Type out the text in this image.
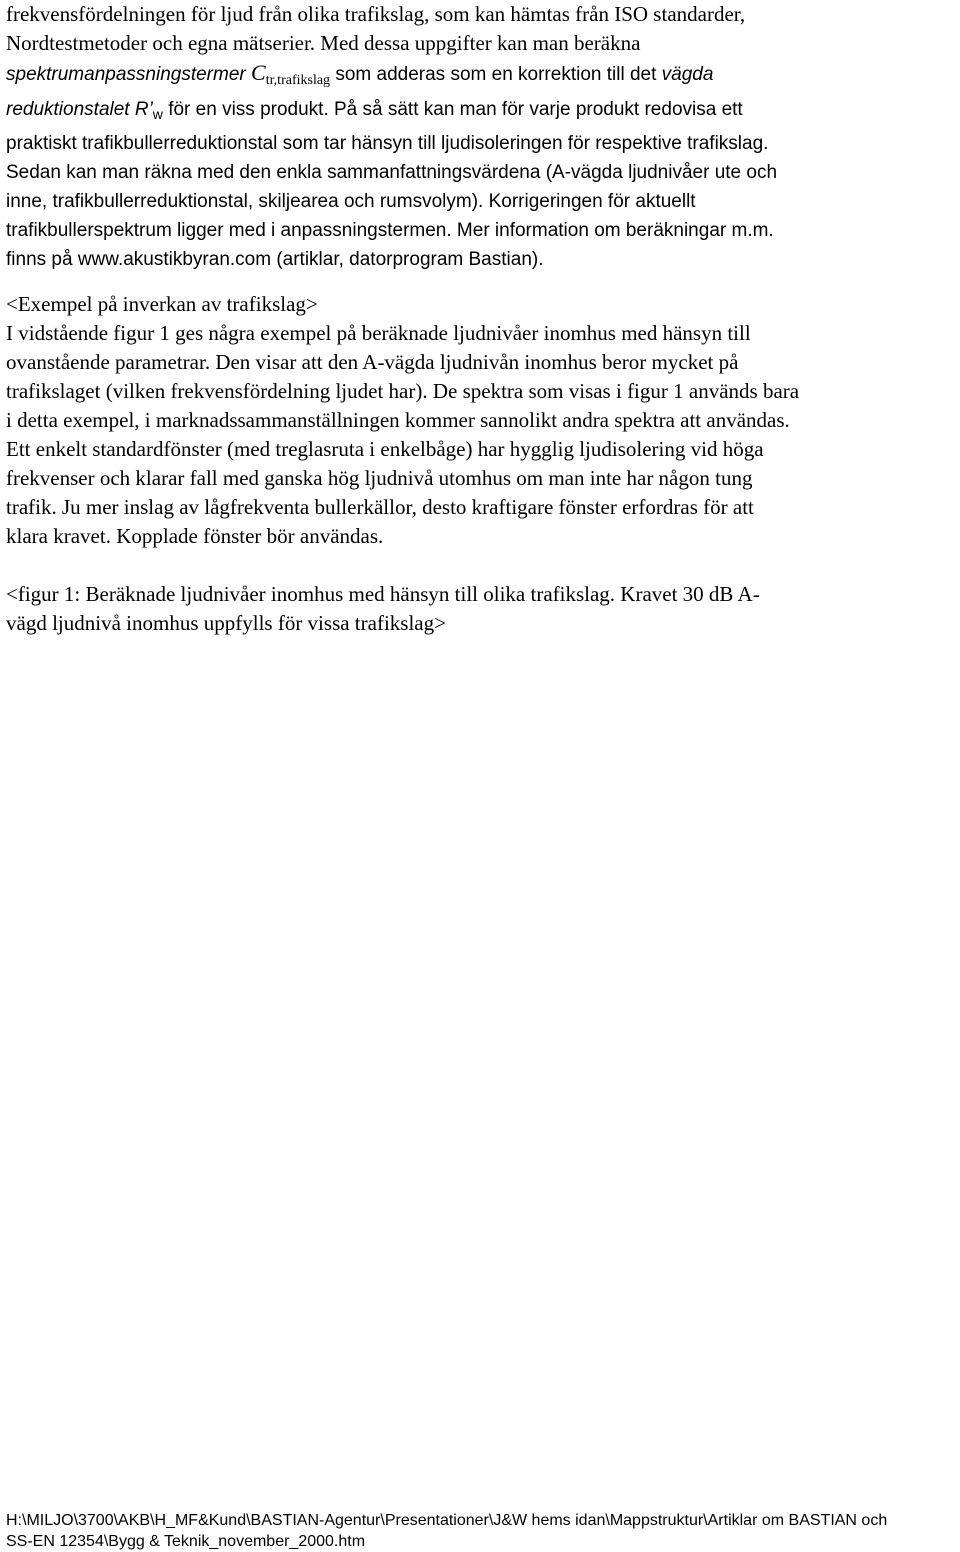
frekvensfördelningen för ljud från olika trafikslag, som kan hämtas från ISO standarder,
Nordtestmetoder och egna mätserier. Med dessa uppgifter kan man beräkna
spektrumanpassningstermer $C_{tr,trafikslag}$ som adderas som en korrektion till det vägda
reduktionstalet $R’_w$ för en viss produkt. På så sätt kan man för varje produkt redovisa ett
praktiskt trafikbullerreduktionstal som tar hänsyn till ljudisoleringen för respektive trafikslag.
Sedan kan man räkna med den enkla sammanfattningsvärdena (A-vägda ljudnivåer ute och
inne, trafikbullerreduktionstal, skiljearea och rumsvolym). Korrigeringen för aktuellt
trafikbullerspektrum ligger med i anpassningstermen. Mer information om beräkningar m.m.
finns på www.akustikbyran.com (artiklar, datorprogram Bastian).
<Exempel på inverkan av trafikslag>
I vidstående figur 1 ges några exempel på beräknade ljudnivåer inomhus med hänsyn till
ovanstående parametrar. Den visar att den A-vägda ljudnivån inomhus beror mycket på
trafikslaget (vilken frekvensfördelning ljudet har). De spektra som visas i figur 1 används bara
i detta exempel, i marknadssammanställningen kommer sannolikt andra spektra att användas.
Ett enkelt standardfönster (med treglasruta i enkelbåge) har hygglig ljudisolering vid höga
frekvenser och klarar fall med ganska hög ljudnivå utomhus om man inte har någon tung
trafik. Ju mer inslag av lågfrekventa bullerkällor, desto kraftigare fönster erfordras för att
klara kravet. Kopplade fönster bör användas.
<figur 1: Beräknade ljudnivåer inomhus med hänsyn till olika trafikslag. Kravet 30 dB A-
vägd ljudnivå inomhus uppfylls för vissa trafikslag>
H:\MILJO\3700\AKB\H_MF&Kund\BASTIAN-Agentur\Presentationer\J&W hems idan\Mappstruktur\Artiklar om BASTIAN och
SS-EN 12354\Bygg & Teknik_november_2000.htm
